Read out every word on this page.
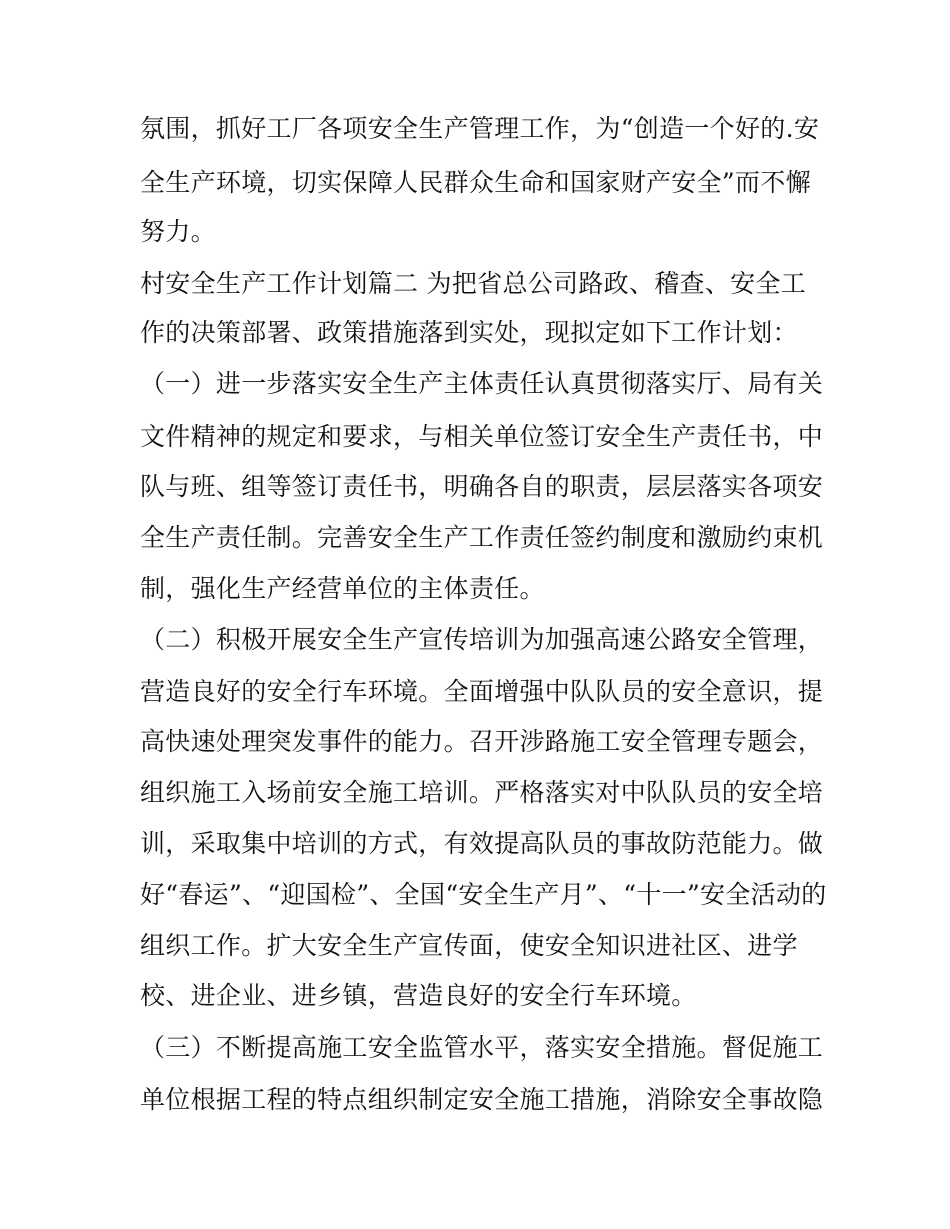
氛围，抓好工厂各项安全生产管理工作，为“创造一个好的.安
全生产环境，切实保障人民群众生命和国家财产安全”而不懈
努力。
村安全生产工作计划篇二 为把省总公司路政、稽查、安全工
作的决策部署、政策措施落到实处，现拟定如下工作计划：
（一）进一步落实安全生产主体责任认真贯彻落实厅、局有关
文件精神的规定和要求，与相关单位签订安全生产责任书，中
队与班、组等签订责任书，明确各自的职责，层层落实各项安
全生产责任制。完善安全生产工作责任签约制度和激励约束机
制，强化生产经营单位的主体责任。
（二）积极开展安全生产宣传培训为加强高速公路安全管理，
营造良好的安全行车环境。全面增强中队队员的安全意识，提
高快速处理突发事件的能力。召开涉路施工安全管理专题会，
组织施工入场前安全施工培训。严格落实对中队队员的安全培
训，采取集中培训的方式，有效提高队员的事故防范能力。做
好“春运”、“迎国检”、全国“安全生产月”、“十一”安全活动的
组织工作。扩大安全生产宣传面，使安全知识进社区、进学
校、进企业、进乡镇，营造良好的安全行车环境。
（三）不断提高施工安全监管水平，落实安全措施。督促施工
单位根据工程的特点组织制定安全施工措施，消除安全事故隐
